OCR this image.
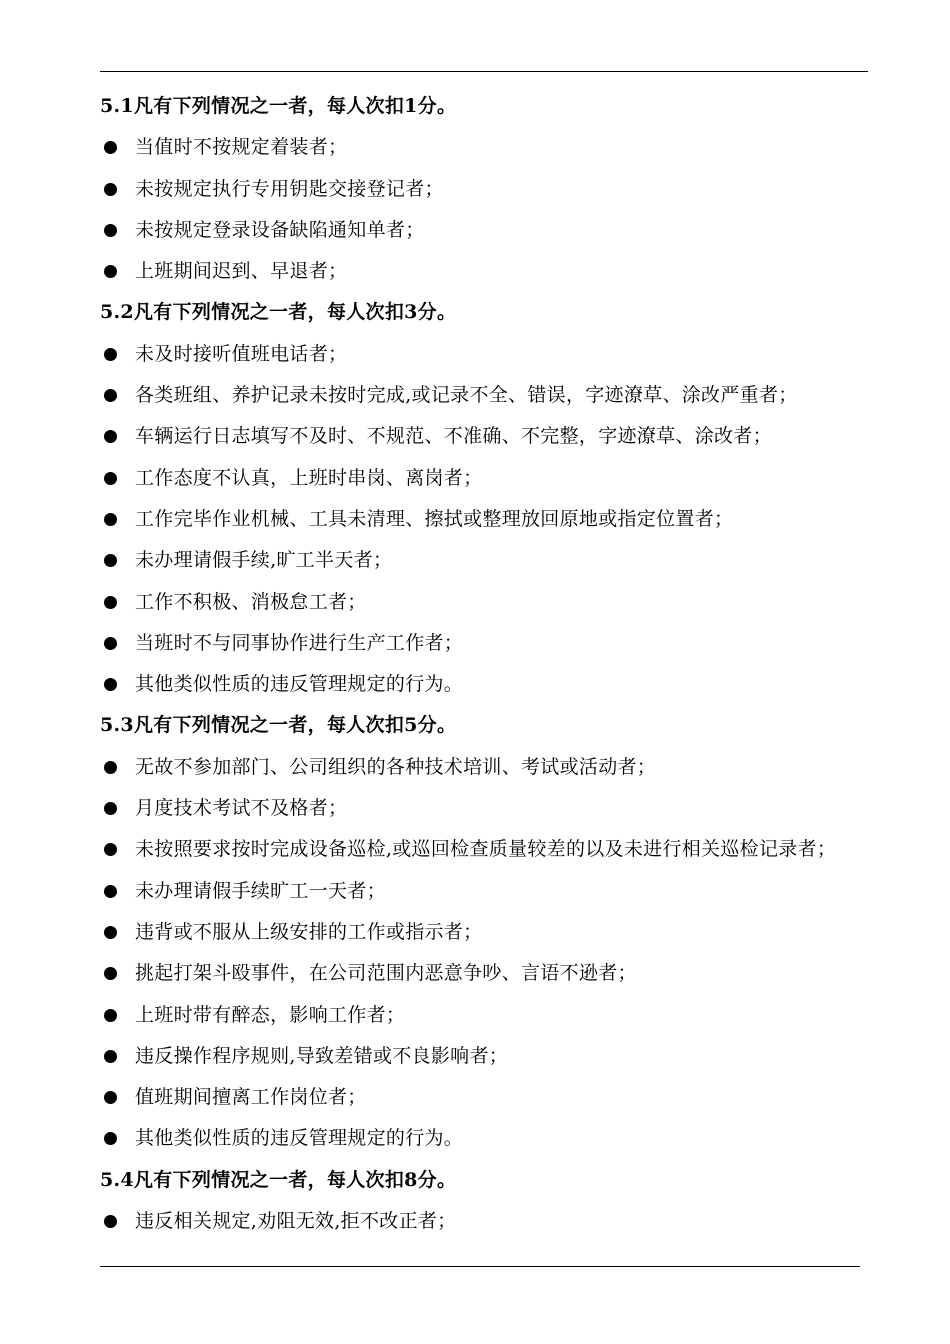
5.1凡有下列情况之一者，每人次扣1分。
当值时不按规定着装者；
未按规定执行专用钥匙交接登记者；
未按规定登录设备缺陷通知单者；
上班期间迟到、早退者；
5.2凡有下列情况之一者，每人次扣3分。
未及时接听值班电话者；
各类班组、养护记录未按时完成,或记录不全、错误，字迹潦草、涂改严重者；
车辆运行日志填写不及时、不规范、不准确、不完整，字迹潦草、涂改者；
工作态度不认真，上班时串岗、离岗者；
工作完毕作业机械、工具未清理、擦拭或整理放回原地或指定位置者；
未办理请假手续,旷工半天者；
工作不积极、消极怠工者；
当班时不与同事协作进行生产工作者；
其他类似性质的违反管理规定的行为。
5.3凡有下列情况之一者，每人次扣5分。
无故不参加部门、公司组织的各种技术培训、考试或活动者；
月度技术考试不及格者；
未按照要求按时完成设备巡检,或巡回检查质量较差的以及未进行相关巡检记录者；
未办理请假手续旷工一天者；
违背或不服从上级安排的工作或指示者；
挑起打架斗殴事件，在公司范围内恶意争吵、言语不逊者；
上班时带有醉态，影响工作者；
违反操作程序规则,导致差错或不良影响者；
值班期间擅离工作岗位者；
其他类似性质的违反管理规定的行为。
5.4凡有下列情况之一者，每人次扣8分。
违反相关规定,劝阻无效,拒不改正者；
